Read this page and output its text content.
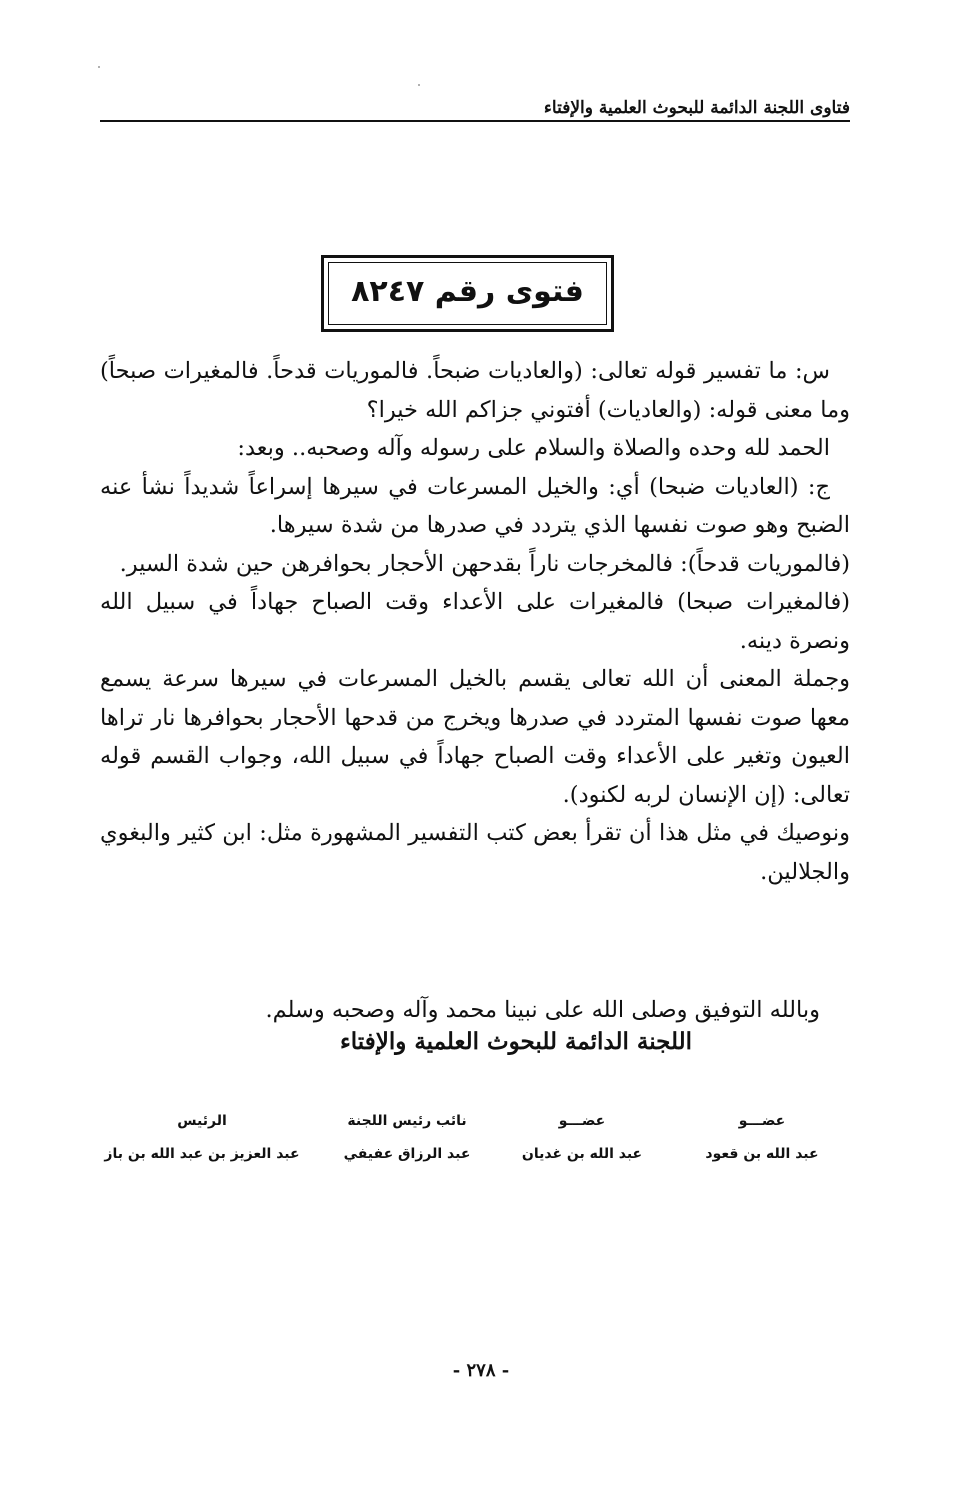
فتاوى اللجنة الدائمة للبحوث العلمية والإفتاء
فتوى رقم ٨٢٤٧

س: ما تفسير قوله تعالى: (والعاديات ضبحاً. فالموريات قدحاً. فالمغيرات صبحاً) وما معنى قوله: (والعاديات) أفتوني جزاكم الله خيرا؟

الحمد لله وحده والصلاة والسلام على رسوله وآله وصحبه.. وبعد:

ج: (العاديات ضبحا) أي: والخيل المسرعات في سيرها إسراعاً شديداً نشأ عنه الضبح وهو صوت نفسها الذي يتردد في صدرها من شدة سيرها.

(فالموريات قدحاً): فالمخرجات ناراً بقدحهن الأحجار بحوافرهن حين شدة السير.

(فالمغيرات صبحا) فالمغيرات على الأعداء وقت الصباح جهاداً في سبيل الله ونصرة دينه.

وجملة المعنى أن الله تعالى يقسم بالخيل المسرعات في سيرها سرعة يسمع معها صوت نفسها المتردد في صدرها ويخرج من قدحها الأحجار بحوافرها نار تراها العيون وتغير على الأعداء وقت الصباح جهاداً في سبيل الله، وجواب القسم قوله تعالى: (إن الإنسان لربه لكنود).

ونوصيك في مثل هذا أن تقرأ بعض كتب التفسير المشهورة مثل: ابن كثير والبغوي والجلالين.

وبالله التوفيق وصلى الله على نبينا محمد وآله وصحبه وسلم.
اللجنة الدائمة للبحوث العلمية والإفتاء
عضـــو
عبد الله بن قعود
عضـــو
عبد الله بن غديان
نائب رئيس اللجنة
عبد الرزاق عفيفي
الرئيس
عبد العزيز بن عبد الله بن باز
- ٢٧٨ -
